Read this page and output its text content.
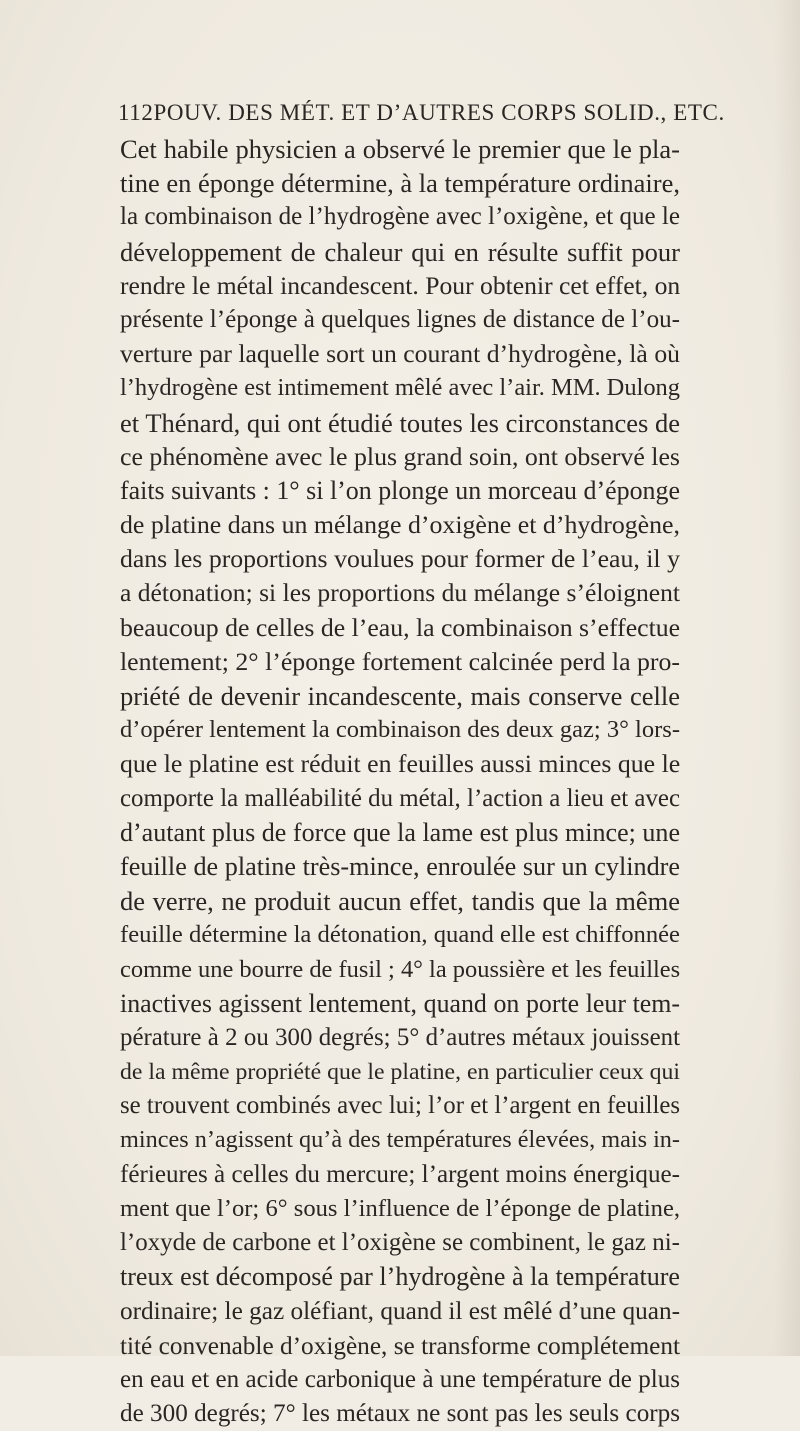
112 POUV. DES MÉT. ET D’AUTRES CORPS SOLID., ETC.
Cet habile physicien a observé le premier que le pla-
tine en éponge détermine, à la température ordinaire,
la combinaison de l’hydrogène avec l’oxigène, et que le
développement de chaleur qui en résulte suffit pour
rendre le métal incandescent. Pour obtenir cet effet, on
présente l’éponge à quelques lignes de distance de l’ou-
verture par laquelle sort un courant d’hydrogène, là où
l’hydrogène est intimement mêlé avec l’air. MM. Dulong
et Thénard, qui ont étudié toutes les circonstances de
ce phénomène avec le plus grand soin, ont observé les
faits suivants : 1° si l’on plonge un morceau d’éponge
de platine dans un mélange d’oxigène et d’hydrogène,
dans les proportions voulues pour former de l’eau, il y
a détonation; si les proportions du mélange s’éloignent
beaucoup de celles de l’eau, la combinaison s’effectue
lentement; 2° l’éponge fortement calcinée perd la pro-
priété de devenir incandescente, mais conserve celle
d’opérer lentement la combinaison des deux gaz; 3° lors-
que le platine est réduit en feuilles aussi minces que le
comporte la malléabilité du métal, l’action a lieu et avec
d’autant plus de force que la lame est plus mince; une
feuille de platine très-mince, enroulée sur un cylindre
de verre, ne produit aucun effet, tandis que la même
feuille détermine la détonation, quand elle est chiffonnée
comme une bourre de fusil ; 4° la poussière et les feuilles
inactives agissent lentement, quand on porte leur tem-
pérature à 2 ou 300 degrés; 5° d’autres métaux jouissent
de la même propriété que le platine, en particulier ceux qui
se trouvent combinés avec lui; l’or et l’argent en feuilles
minces n’agissent qu’à des températures élevées, mais in-
férieures à celles du mercure; l’argent moins énergique-
ment que l’or; 6° sous l’influence de l’éponge de platine,
l’oxyde de carbone et l’oxigène se combinent, le gaz ni-
treux est décomposé par l’hydrogène à la température
ordinaire; le gaz oléfiant, quand il est mêlé d’une quan-
tité convenable d’oxigène, se transforme complétement
en eau et en acide carbonique à une température de plus
de 300 degrés; 7° les métaux ne sont pas les seuls corps
